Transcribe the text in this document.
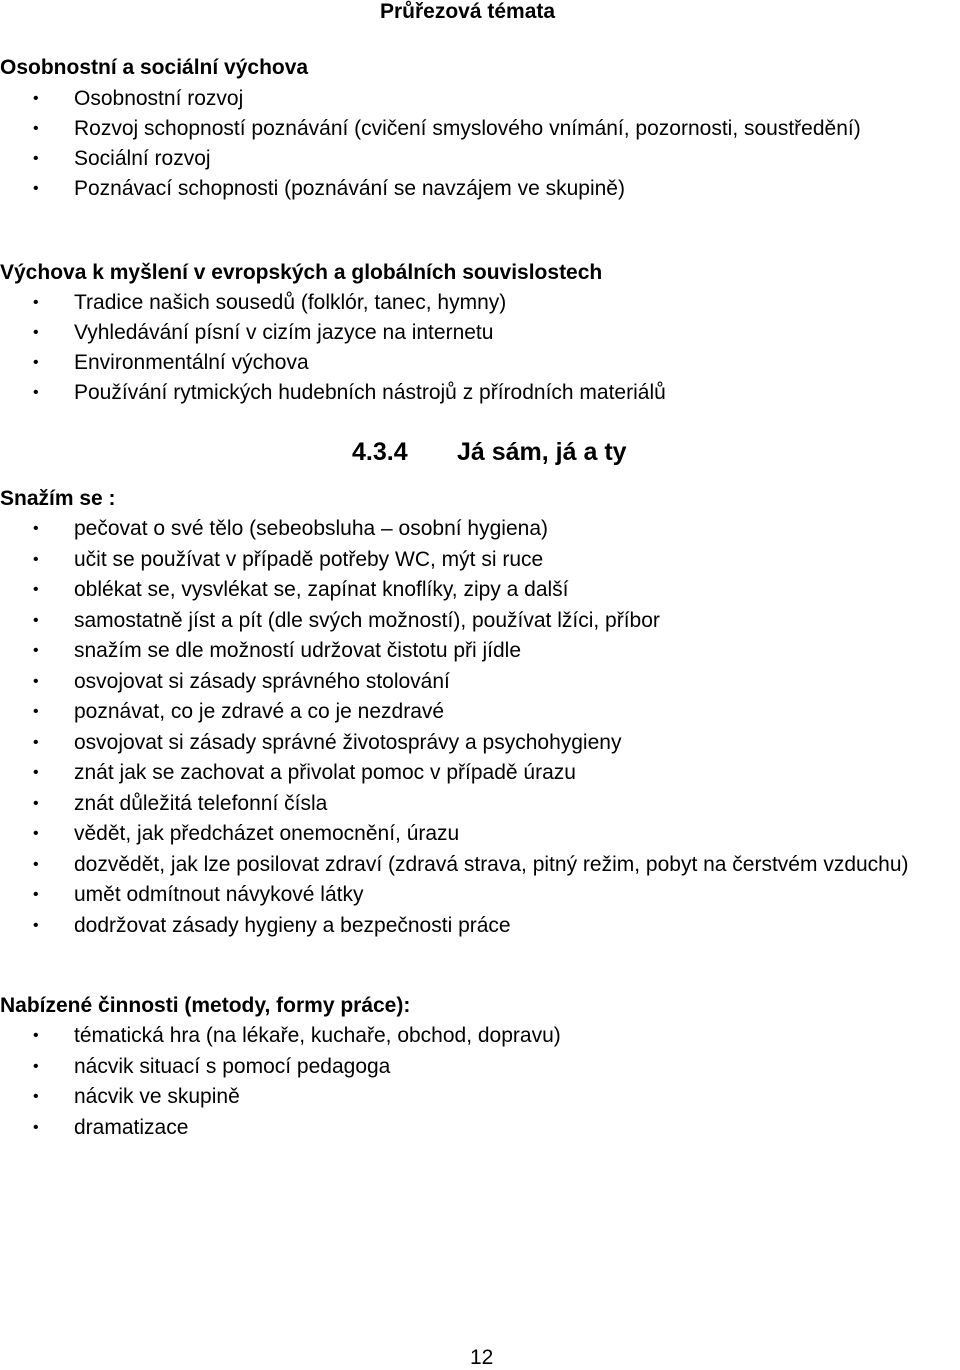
Průřezová témata
Osobnostní a sociální výchova
•	Osobnostní rozvoj
•	Rozvoj schopností poznávání (cvičení smyslového vnímání, pozornosti, soustředění)
•	Sociální rozvoj
•	Poznávací schopnosti (poznávání se navzájem ve skupině)
Výchova k myšlení v evropských a globálních souvislostech
•	Tradice našich sousedů (folklór, tanec, hymny)
•	Vyhledávání písní v cizím jazyce na internetu
•	Environmentální výchova
•	Používání rytmických hudebních nástrojů z přírodních materiálů
4.3.4 Já sám, já a ty
Snažím se :
•	pečovat o své tělo (sebeobsluha – osobní hygiena)
•	učit se používat v případě potřeby WC, mýt si ruce
•	oblékat se, vysvlékat se, zapínat knoflíky, zipy a další
•	samostatně jíst a pít (dle svých možností), používat lžíci, příbor
•	snažím se dle možností udržovat čistotu při jídle
•	osvojovat si zásady správného stolování
•	poznávat, co je zdravé a co je nezdravé
•	osvojovat si zásady správné životosprávy a psychohygieny
•	znát jak se zachovat a přivolat pomoc v případě úrazu
•	znát důležitá telefonní čísla
•	vědět, jak předcházet onemocnění, úrazu
•	dozvědět, jak lze posilovat zdraví (zdravá strava, pitný režim, pobyt na čerstvém vzduchu)
•	umět odmítnout návykové látky
•	dodržovat zásady hygieny a bezpečnosti práce
Nabízené činnosti (metody, formy práce):
•	tématická hra (na lékaře, kuchaře, obchod, dopravu)
•	nácvik situací s pomocí pedagoga
•	nácvik ve skupině
•	dramatizace
12
